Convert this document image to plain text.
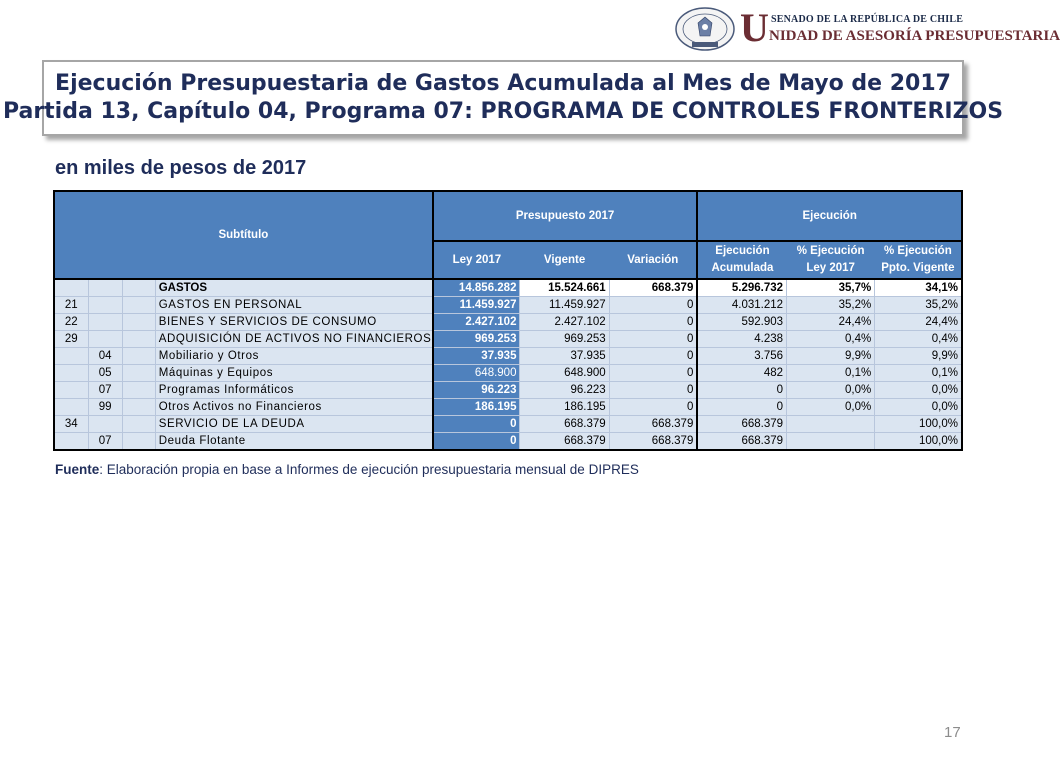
U SENADO DE LA REPÚBLICA DE CHILE
NIDAD DE ASESORÍA PRESUPUESTARIA
Ejecución Presupuestaria de Gastos Acumulada al Mes de Mayo de 2017
Partida 13, Capítulo 04, Programa 07: PROGRAMA DE CONTROLES FRONTERIZOS
en miles de pesos de 2017
Subtítulo				Presupuesto 2017			Ejecución		
				Ley 2017	Vigente	Variación	Ejecución Acumulada	% Ejecución Ley 2017	% Ejecución Ppto. Vigente
			GASTOS	14.856.282	15.524.661	668.379	5.296.732	35,7%	34,1%
21			GASTOS EN PERSONAL	11.459.927	11.459.927	0	4.031.212	35,2%	35,2%
22			BIENES Y SERVICIOS DE CONSUMO	2.427.102	2.427.102	0	592.903	24,4%	24,4%
29			ADQUISICIÓN DE ACTIVOS NO FINANCIEROS	969.253	969.253	0	4.238	0,4%	0,4%
	04		Mobiliario y Otros	37.935	37.935	0	3.756	9,9%	9,9%
	05		Máquinas y Equipos	648.900	648.900	0	482	0,1%	0,1%
	07		Programas Informáticos	96.223	96.223	0	0	0,0%	0,0%
	99		Otros Activos no Financieros	186.195	186.195	0	0	0,0%	0,0%
34			SERVICIO DE LA DEUDA	0	668.379	668.379	668.379		100,0%
	07		Deuda Flotante	0	668.379	668.379	668.379		100,0%
Fuente: Elaboración propia en base a Informes de ejecución presupuestaria mensual de DIPRES
17
